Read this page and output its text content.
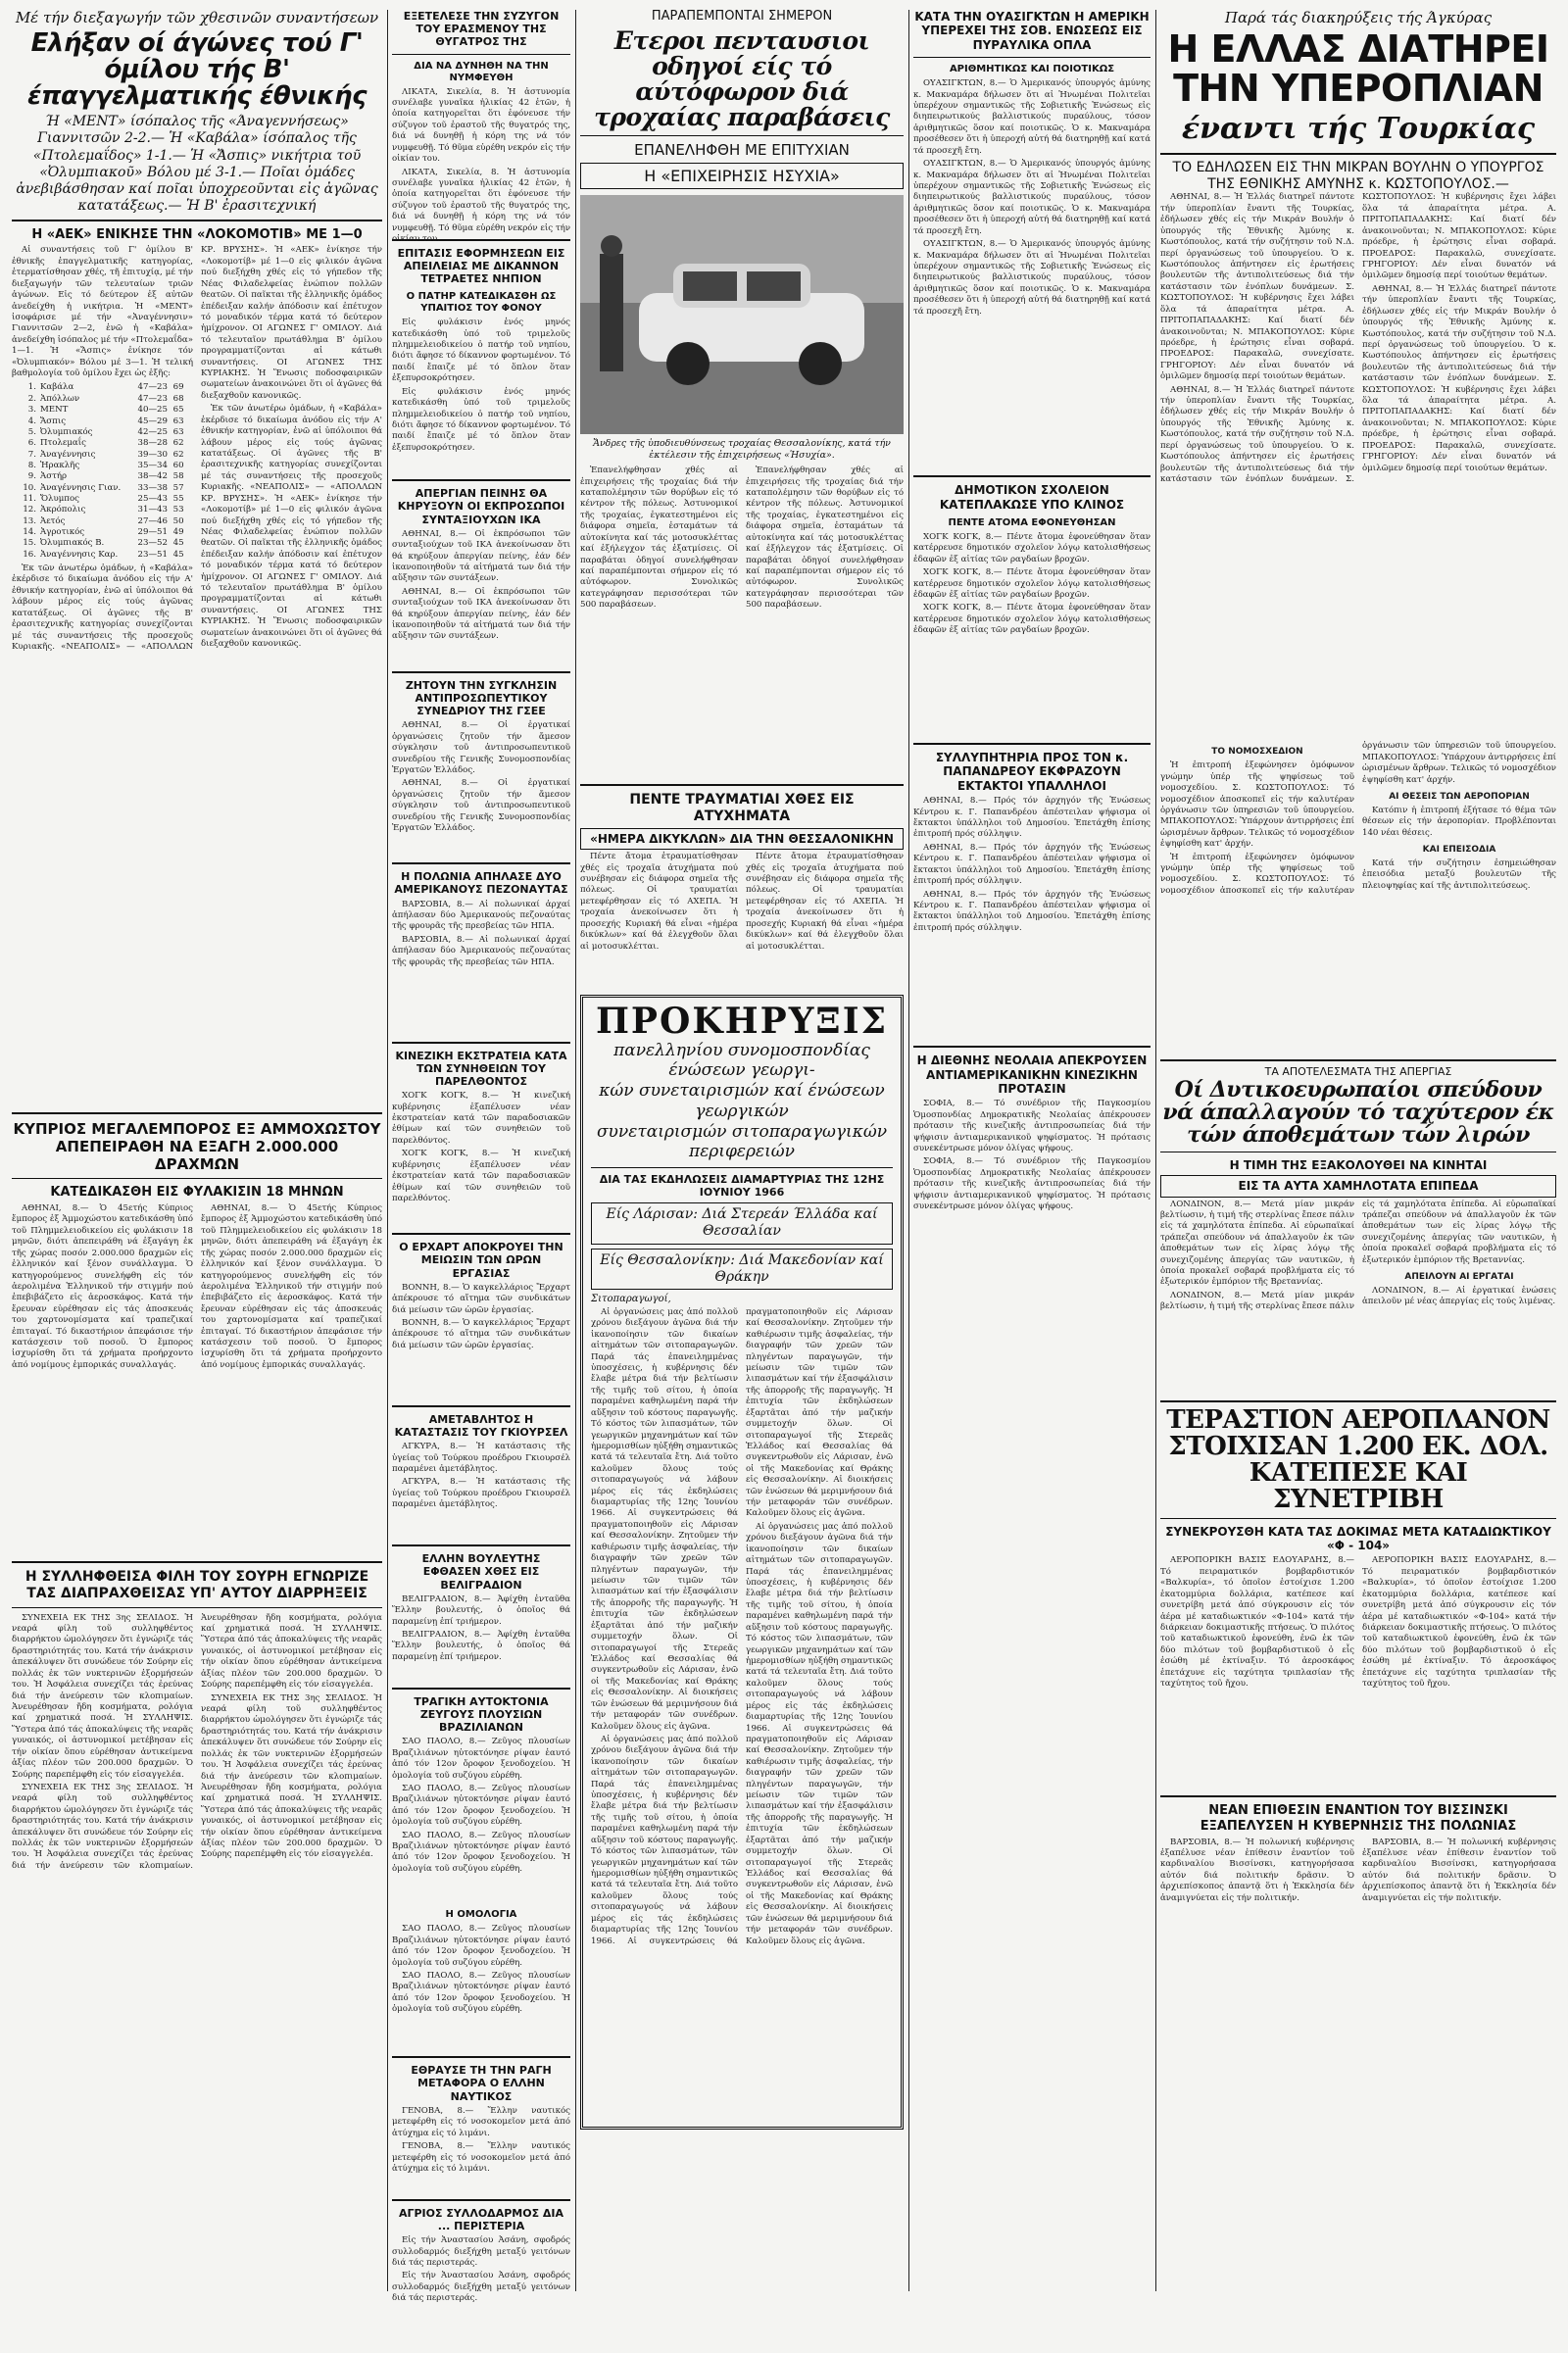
Μέ τήν διεξαγωγήν τῶν χθεσινῶν συναντήσεων
Ελήξαν οί άγώνες τού Γ' όμίλου τής Β' έπαγγελματικής έθνικής
Ή «ΜΕΝΤ» ίσόπαλος τῆς «Άναγεννήσεως» Γιαννιτσῶν 2-2.— Ἡ «Καβάλα» ίσόπαλος τῆς «Πτολεμαΐδος» 1-1.— Ἡ «Ἄσπις» νικήτρια τοῦ «Ὀλυμπιακοῦ» Βόλου μέ 3-1.— Ποῖαι ὁμάδες ἀνεβιβάσθησαν καί ποῖαι ὑποχρεοῦνται εἰς ἀγῶνας κατατάξεως.— Ἡ Β' ἐρασιτεχνική
Η «ΑΕΚ» ΕΝΙΚΗΣΕ ΤΗΝ «ΛΟΚΟΜΟΤΙΒ» ΜΕ 1—0

Αἱ συναντήσεις τοῦ Γ' ὁμίλου Β' ἐθνικῆς ἐπαγγελματικῆς κατηγορίας, ἐτερματίσθησαν χθές, τῆ ἐπιτυχίᾳ, μέ τήν διεξαγωγήν τῶν τελευταίων τριῶν ἀγώνων. Εἰς τό δεύτερον ἐξ αὐτῶν ἀνεδείχθη ἡ νικήτρια. Ἡ «ΜΕΝΤ» ἰσοφάρισε μέ τήν «Ἀναγέννησιν» Γιαννιτσῶν 2—2, ἐνῶ ἡ «Καβάλα» ἀνεδείχθη ἰσόπαλος μέ τήν «Πτολεμαΐδα» 1—1. Ἡ «Ἄσπις» ἐνίκησε τόν «Ὀλυμπιακόν» Βόλου μέ 3—1. Ἡ τελική βαθμολογία τοῦ ὁμίλου ἔχει ὡς ἑξῆς:

1.	Καβάλα	47—23	69
2.	Ἀπόλλων	47—23	68
3.	ΜΕΝΤ	40—25	65
4.	Ἄσπις	45—29	63
5.	Ὀλυμπιακός	42—25	63
6.	Πτολεμαΐς	38—28	62
7.	Ἀναγέννησις	39—30	62
8.	Ἡρακλῆς	35—34	60
9.	Ἀστήρ	38—42	58
10.	Ἀναγέννησις Γιαν.	33—38	57
11.	Ὄλυμπος	25—43	55
12.	Ἀκρόπολις	31—43	53
13.	Ἀετός	27—46	50
14.	Ἀγροτικός	29—51	49
15.	Ὀλυμπιακός Β.	23—52	45
16.	Ἀναγέννησις Καρ.	23—51	45

Ἐκ τῶν ἀνωτέρω ὁμάδων, ἡ «Καβάλα» ἐκέρδισε τό δικαίωμα ἀνόδου εἰς τήν Α' ἐθνικήν κατηγορίαν, ἐνῶ αἱ ὑπόλοιποι θά λάβουν μέρος εἰς τούς ἀγῶνας κατατάξεως. Οἱ ἀγῶνες τῆς Β' ἐρασιτεχνικῆς κατηγορίας συνεχίζονται μέ τάς συναντήσεις τῆς προσεχοῦς Κυριακῆς. «ΝΕΑΠΟΛΙΣ» — «ΑΠΟΛΛΩΝ ΚΡ. ΒΡΥΣΗΣ». Ἡ «ΑΕΚ» ἐνίκησε τήν «Λοκομοτίβ» μέ 1—0 εἰς φιλικόν ἀγῶνα πού διεξήχθη χθές εἰς τό γήπεδον τῆς Νέας Φιλαδελφείας ἐνώπιον πολλῶν θεατῶν. Οἱ παῖκται τῆς ἑλληνικῆς ὁμάδος ἐπέδειξαν καλήν ἀπόδοσιν καί ἐπέτυχον τό μοναδικόν τέρμα κατά τό δεύτερον ἡμίχρονον. ΟΙ ΑΓΩΝΕΣ Γ' ΟΜΙΛΟΥ. Διά τό τελευταῖον πρωτάθλημα Β' ὁμίλου προγραμματίζονται αἱ κάτωθι συναντήσεις. ΟΙ ΑΓΩΝΕΣ ΤΗΣ ΚΥΡΙΑΚΗΣ. Ἡ Ἕνωσις ποδοσφαιρικῶν σωματείων ἀνακοινώνει ὅτι οἱ ἀγῶνες θά διεξαχθοῦν κανονικῶς.

Ἐκ τῶν ἀνωτέρω ὁμάδων, ἡ «Καβάλα» ἐκέρδισε τό δικαίωμα ἀνόδου εἰς τήν Α' ἐθνικήν κατηγορίαν, ἐνῶ αἱ ὑπόλοιποι θά λάβουν μέρος εἰς τούς ἀγῶνας κατατάξεως. Οἱ ἀγῶνες τῆς Β' ἐρασιτεχνικῆς κατηγορίας συνεχίζονται μέ τάς συναντήσεις τῆς προσεχοῦς Κυριακῆς. «ΝΕΑΠΟΛΙΣ» — «ΑΠΟΛΛΩΝ ΚΡ. ΒΡΥΣΗΣ». Ἡ «ΑΕΚ» ἐνίκησε τήν «Λοκομοτίβ» μέ 1—0 εἰς φιλικόν ἀγῶνα πού διεξήχθη χθές εἰς τό γήπεδον τῆς Νέας Φιλαδελφείας ἐνώπιον πολλῶν θεατῶν. Οἱ παῖκται τῆς ἑλληνικῆς ὁμάδος ἐπέδειξαν καλήν ἀπόδοσιν καί ἐπέτυχον τό μοναδικόν τέρμα κατά τό δεύτερον ἡμίχρονον. ΟΙ ΑΓΩΝΕΣ Γ' ΟΜΙΛΟΥ. Διά τό τελευταῖον πρωτάθλημα Β' ὁμίλου προγραμματίζονται αἱ κάτωθι συναντήσεις. ΟΙ ΑΓΩΝΕΣ ΤΗΣ ΚΥΡΙΑΚΗΣ. Ἡ Ἕνωσις ποδοσφαιρικῶν σωματείων ἀνακοινώνει ὅτι οἱ ἀγῶνες θά διεξαχθοῦν κανονικῶς.

ΚΥΠΡΙΟΣ ΜΕΓΑΛΕΜΠΟΡΟΣ ΕΞ ΑΜΜΟΧΩΣΤΟΥ ΑΠΕΠΕΙΡΑΘΗ ΝΑ ΕΞΑΓΗ 2.000.000 ΔΡΑΧΜΩΝ
ΚΑΤΕΔΙΚΑΣΘΗ ΕΙΣ ΦΥΛΑΚΙΣΙΝ 18 ΜΗΝΩΝ

ΑΘΗΝΑΙ, 8.— Ὁ 45ετής Κύπριος ἔμπορος ἐξ Ἀμμοχώστου κατεδικάσθη ὑπό τοῦ Πλημμελειοδικείου εἰς φυλάκισιν 18 μηνῶν, διότι ἀπεπειράθη νά ἐξαγάγη ἐκ τῆς χώρας ποσόν 2.000.000 δραχμῶν εἰς ἑλληνικόν καί ξένον συνάλλαγμα. Ὁ κατηγορούμενος συνελήφθη εἰς τόν ἀερολιμένα Ἑλληνικοῦ τήν στιγμήν πού ἐπεβιβάζετο εἰς ἀεροσκάφος. Κατά τήν ἔρευναν εὑρέθησαν εἰς τάς ἀποσκευάς του χαρτονομίσματα καί τραπεζικαί ἐπιταγαί. Τό δικαστήριον ἀπεφάσισε τήν κατάσχεσιν τοῦ ποσοῦ. Ὁ ἔμπορος ἰσχυρίσθη ὅτι τά χρήματα προήρχοντο ἀπό νομίμους ἐμπορικάς συναλλαγάς.

ΑΘΗΝΑΙ, 8.— Ὁ 45ετής Κύπριος ἔμπορος ἐξ Ἀμμοχώστου κατεδικάσθη ὑπό τοῦ Πλημμελειοδικείου εἰς φυλάκισιν 18 μηνῶν, διότι ἀπεπειράθη νά ἐξαγάγη ἐκ τῆς χώρας ποσόν 2.000.000 δραχμῶν εἰς ἑλληνικόν καί ξένον συνάλλαγμα. Ὁ κατηγορούμενος συνελήφθη εἰς τόν ἀερολιμένα Ἑλληνικοῦ τήν στιγμήν πού ἐπεβιβάζετο εἰς ἀεροσκάφος. Κατά τήν ἔρευναν εὑρέθησαν εἰς τάς ἀποσκευάς του χαρτονομίσματα καί τραπεζικαί ἐπιταγαί. Τό δικαστήριον ἀπεφάσισε τήν κατάσχεσιν τοῦ ποσοῦ. Ὁ ἔμπορος ἰσχυρίσθη ὅτι τά χρήματα προήρχοντο ἀπό νομίμους ἐμπορικάς συναλλαγάς.

Η ΣΥΛΛΗΦΘΕΙΣΑ ΦΙΛΗ ΤΟΥ ΣΟΥΡΗ ΕΓΝΩΡΙΖΕ ΤΑΣ ΔΙΑΠΡΑΧΘΕΙΣΑΣ ΥΠ' ΑΥΤΟΥ ΔΙΑΡΡΗΞΕΙΣ

ΣΥΝΕΧΕΙΑ ΕΚ ΤΗΣ 3ης ΣΕΛΙΔΟΣ. Ἡ νεαρά φίλη τοῦ συλληφθέντος διαρρήκτου ὡμολόγησεν ὅτι ἐγνώριζε τάς δραστηριότητάς του. Κατά τήν ἀνάκρισιν ἀπεκάλυψεν ὅτι συνώδευε τόν Σούρην εἰς πολλάς ἐκ τῶν νυκτερινῶν ἐξορμήσεών του. Ἡ Ἀσφάλεια συνεχίζει τάς ἐρεύνας διά τήν ἀνεύρεσιν τῶν κλοπιμαίων. Ἀνευρέθησαν ἤδη κοσμήματα, ρολόγια καί χρηματικά ποσά. Ἡ ΣΥΛΛΗΨΙΣ. Ὕστερα ἀπό τάς ἀποκαλύψεις τῆς νεαρᾶς γυναικός, οἱ ἀστυνομικοί μετέβησαν εἰς τήν οἰκίαν ὅπου εὑρέθησαν ἀντικείμενα ἀξίας πλέον τῶν 200.000 δραχμῶν. Ὁ Σούρης παρεπέμφθη εἰς τόν εἰσαγγελέα.

ΣΥΝΕΧΕΙΑ ΕΚ ΤΗΣ 3ης ΣΕΛΙΔΟΣ. Ἡ νεαρά φίλη τοῦ συλληφθέντος διαρρήκτου ὡμολόγησεν ὅτι ἐγνώριζε τάς δραστηριότητάς του. Κατά τήν ἀνάκρισιν ἀπεκάλυψεν ὅτι συνώδευε τόν Σούρην εἰς πολλάς ἐκ τῶν νυκτερινῶν ἐξορμήσεών του. Ἡ Ἀσφάλεια συνεχίζει τάς ἐρεύνας διά τήν ἀνεύρεσιν τῶν κλοπιμαίων. Ἀνευρέθησαν ἤδη κοσμήματα, ρολόγια καί χρηματικά ποσά. Ἡ ΣΥΛΛΗΨΙΣ. Ὕστερα ἀπό τάς ἀποκαλύψεις τῆς νεαρᾶς γυναικός, οἱ ἀστυνομικοί μετέβησαν εἰς τήν οἰκίαν ὅπου εὑρέθησαν ἀντικείμενα ἀξίας πλέον τῶν 200.000 δραχμῶν. Ὁ Σούρης παρεπέμφθη εἰς τόν εἰσαγγελέα.

ΣΥΝΕΧΕΙΑ ΕΚ ΤΗΣ 3ης ΣΕΛΙΔΟΣ. Ἡ νεαρά φίλη τοῦ συλληφθέντος διαρρήκτου ὡμολόγησεν ὅτι ἐγνώριζε τάς δραστηριότητάς του. Κατά τήν ἀνάκρισιν ἀπεκάλυψεν ὅτι συνώδευε τόν Σούρην εἰς πολλάς ἐκ τῶν νυκτερινῶν ἐξορμήσεών του. Ἡ Ἀσφάλεια συνεχίζει τάς ἐρεύνας διά τήν ἀνεύρεσιν τῶν κλοπιμαίων. Ἀνευρέθησαν ἤδη κοσμήματα, ρολόγια καί χρηματικά ποσά. Ἡ ΣΥΛΛΗΨΙΣ. Ὕστερα ἀπό τάς ἀποκαλύψεις τῆς νεαρᾶς γυναικός, οἱ ἀστυνομικοί μετέβησαν εἰς τήν οἰκίαν ὅπου εὑρέθησαν ἀντικείμενα ἀξίας πλέον τῶν 200.000 δραχμῶν. Ὁ Σούρης παρεπέμφθη εἰς τόν εἰσαγγελέα.

ΕΞΕΤΕΛΕΣΕ ΤΗΝ ΣΥΖΥΓΟΝ ΤΟΥ ΕΡΑΣΜΕΝΟΥ ΤΗΣ ΘΥΓΑΤΡΟΣ ΤΗΣ
ΔΙΑ ΝΑ ΔΥΝΗΘΗ ΝΑ ΤΗΝ ΝΥΜΦΕΥΘΗ

ΛΙΚΑΤΑ, Σικελία, 8. Ἡ ἀστυνομία συνέλαβε γυναῖκα ἡλικίας 42 ἐτῶν, ἡ ὁποία κατηγορεῖται ὅτι ἐφόνευσε τήν σύζυγον τοῦ ἐραστοῦ τῆς θυγατρός της, διά νά δυνηθῇ ἡ κόρη της νά τόν νυμφευθῇ. Τό θῦμα εὑρέθη νεκρόν εἰς τήν οἰκίαν του.

ΛΙΚΑΤΑ, Σικελία, 8. Ἡ ἀστυνομία συνέλαβε γυναῖκα ἡλικίας 42 ἐτῶν, ἡ ὁποία κατηγορεῖται ὅτι ἐφόνευσε τήν σύζυγον τοῦ ἐραστοῦ τῆς θυγατρός της, διά νά δυνηθῇ ἡ κόρη της νά τόν νυμφευθῇ. Τό θῦμα εὑρέθη νεκρόν εἰς τήν οἰκίαν του.

ΕΠΙΤΑΣΙΣ ΕΦΟΡΜΗΣΕΩΝ ΕΙΣ ΑΠΕΙΛΕΙΑΣ ΜΕ ΔΙΚΑΝΝΟΝ ΤΕΤΡΑΕΤΕΣ ΝΗΠΙΟΝ
Ο ΠΑΤΗΡ ΚΑΤΕΔΙΚΑΣΘΗ ΩΣ ΥΠΑΙΤΙΟΣ ΤΟΥ ΦΟΝΟΥ

Εἰς φυλάκισιν ἑνός μηνός κατεδικάσθη ὑπό τοῦ τριμελοῦς πλημμελειοδικείου ὁ πατήρ τοῦ νηπίου, διότι ἄφησε τό δίκαννον φορτωμένον. Τό παιδί ἔπαιζε μέ τό ὅπλον ὅταν ἐξεπυρσοκρότησεν.

Εἰς φυλάκισιν ἑνός μηνός κατεδικάσθη ὑπό τοῦ τριμελοῦς πλημμελειοδικείου ὁ πατήρ τοῦ νηπίου, διότι ἄφησε τό δίκαννον φορτωμένον. Τό παιδί ἔπαιζε μέ τό ὅπλον ὅταν ἐξεπυρσοκρότησεν.

ΑΠΕΡΓΙΑΝ ΠΕΙΝΗΣ ΘΑ ΚΗΡΥΞΟΥΝ ΟΙ ΕΚΠΡΟΣΩΠΟΙ ΣΥΝΤΑΞΙΟΥΧΩΝ ΙΚΑ

ΑΘΗΝΑΙ, 8.— Οἱ ἐκπρόσωποι τῶν συνταξιούχων τοῦ ΙΚΑ ἀνεκοίνωσαν ὅτι θά κηρύξουν ἀπεργίαν πείνης, ἐάν δέν ἱκανοποιηθοῦν τά αἰτήματά των διά τήν αὔξησιν τῶν συντάξεων.

ΑΘΗΝΑΙ, 8.— Οἱ ἐκπρόσωποι τῶν συνταξιούχων τοῦ ΙΚΑ ἀνεκοίνωσαν ὅτι θά κηρύξουν ἀπεργίαν πείνης, ἐάν δέν ἱκανοποιηθοῦν τά αἰτήματά των διά τήν αὔξησιν τῶν συντάξεων.

ΖΗΤΟΥΝ ΤΗΝ ΣΥΓΚΛΗΣΙΝ ΑΝΤΙΠΡΟΣΩΠΕΥΤΙΚΟΥ ΣΥΝΕΔΡΙΟΥ ΤΗΣ ΓΣΕΕ

ΑΘΗΝΑΙ, 8.— Οἱ ἐργατικαί ὀργανώσεις ζητοῦν τήν ἄμεσον σύγκλησιν τοῦ ἀντιπροσωπευτικοῦ συνεδρίου τῆς Γενικῆς Συνομοσπονδίας Ἐργατῶν Ἑλλάδος.

ΑΘΗΝΑΙ, 8.— Οἱ ἐργατικαί ὀργανώσεις ζητοῦν τήν ἄμεσον σύγκλησιν τοῦ ἀντιπροσωπευτικοῦ συνεδρίου τῆς Γενικῆς Συνομοσπονδίας Ἐργατῶν Ἑλλάδος.

Η ΠΟΛΩΝΙΑ ΑΠΗΛΑΣΕ ΔΥΟ ΑΜΕΡΙΚΑΝΟΥΣ ΠΕΖΟΝΑΥΤΑΣ

ΒΑΡΣΟΒΙΑ, 8.— Αἱ πολωνικαί ἀρχαί ἀπήλασαν δύο Ἀμερικανούς πεζοναύτας τῆς φρουρᾶς τῆς πρεσβείας τῶν ΗΠΑ.

ΒΑΡΣΟΒΙΑ, 8.— Αἱ πολωνικαί ἀρχαί ἀπήλασαν δύο Ἀμερικανούς πεζοναύτας τῆς φρουρᾶς τῆς πρεσβείας τῶν ΗΠΑ.

ΚΙΝΕΖΙΚΗ ΕΚΣΤΡΑΤΕΙΑ ΚΑΤΑ ΤΩΝ ΣΥΝΗΘΕΙΩΝ ΤΟΥ ΠΑΡΕΛΘΟΝΤΟΣ

ΧΟΓΚ ΚΟΓΚ, 8.— Ἡ κινεζική κυβέρνησις ἐξαπέλυσεν νέαν ἐκστρατείαν κατά τῶν παραδοσιακῶν ἐθίμων καί τῶν συνηθειῶν τοῦ παρελθόντος.

ΧΟΓΚ ΚΟΓΚ, 8.— Ἡ κινεζική κυβέρνησις ἐξαπέλυσεν νέαν ἐκστρατείαν κατά τῶν παραδοσιακῶν ἐθίμων καί τῶν συνηθειῶν τοῦ παρελθόντος.

Ο ΕΡΧΑΡΤ ΑΠΟΚΡΟΥΕΙ ΤΗΝ ΜΕΙΩΣΙΝ ΤΩΝ ΩΡΩΝ ΕΡΓΑΣΙΑΣ

ΒΟΝΝΗ, 8.— Ὁ καγκελλάριος Ἔρχαρτ ἀπέκρουσε τό αἴτημα τῶν συνδικάτων διά μείωσιν τῶν ὡρῶν ἐργασίας.

ΒΟΝΝΗ, 8.— Ὁ καγκελλάριος Ἔρχαρτ ἀπέκρουσε τό αἴτημα τῶν συνδικάτων διά μείωσιν τῶν ὡρῶν ἐργασίας.

ΑΜΕΤΑΒΛΗΤΟΣ Η ΚΑΤΑΣΤΑΣΙΣ ΤΟΥ ΓΚΙΟΥΡΣΕΛ

ΑΓΚΥΡΑ, 8.— Ἡ κατάστασις τῆς ὑγείας τοῦ Τούρκου προέδρου Γκιουρσέλ παραμένει ἀμετάβλητος.

ΑΓΚΥΡΑ, 8.— Ἡ κατάστασις τῆς ὑγείας τοῦ Τούρκου προέδρου Γκιουρσέλ παραμένει ἀμετάβλητος.

ΕΛΛΗΝ ΒΟΥΛΕΥΤΗΣ ΕΦΘΑΣΕΝ ΧΘΕΣ ΕΙΣ ΒΕΛΙΓΡΑΔΙΟΝ

ΒΕΛΙΓΡΑΔΙΟΝ, 8.— Ἀφίχθη ἐνταῦθα Ἕλλην βουλευτής, ὁ ὁποῖος θά παραμείνῃ ἐπί τριήμερον.

ΒΕΛΙΓΡΑΔΙΟΝ, 8.— Ἀφίχθη ἐνταῦθα Ἕλλην βουλευτής, ὁ ὁποῖος θά παραμείνῃ ἐπί τριήμερον.

ΤΡΑΓΙΚΗ ΑΥΤΟΚΤΟΝΙΑ ΖΕΥΓΟΥΣ ΠΛΟΥΣΙΩΝ ΒΡΑΖΙΛΙΑΝΩΝ

ΣΑΟ ΠΑΟΛΟ, 8.— Ζεῦγος πλουσίων Βραζιλιάνων ηὐτοκτόνησε ρίψαν ἑαυτό ἀπό τόν 12ον ὄροφον ξενοδοχείου. Ἡ ὁμολογία τοῦ συζύγου εὑρέθη.

ΣΑΟ ΠΑΟΛΟ, 8.— Ζεῦγος πλουσίων Βραζιλιάνων ηὐτοκτόνησε ρίψαν ἑαυτό ἀπό τόν 12ον ὄροφον ξενοδοχείου. Ἡ ὁμολογία τοῦ συζύγου εὑρέθη.

ΣΑΟ ΠΑΟΛΟ, 8.— Ζεῦγος πλουσίων Βραζιλιάνων ηὐτοκτόνησε ρίψαν ἑαυτό ἀπό τόν 12ον ὄροφον ξενοδοχείου. Ἡ ὁμολογία τοῦ συζύγου εὑρέθη.

Η ΟΜΟΛΟΓΙΑ

ΣΑΟ ΠΑΟΛΟ, 8.— Ζεῦγος πλουσίων Βραζιλιάνων ηὐτοκτόνησε ρίψαν ἑαυτό ἀπό τόν 12ον ὄροφον ξενοδοχείου. Ἡ ὁμολογία τοῦ συζύγου εὑρέθη.

ΣΑΟ ΠΑΟΛΟ, 8.— Ζεῦγος πλουσίων Βραζιλιάνων ηὐτοκτόνησε ρίψαν ἑαυτό ἀπό τόν 12ον ὄροφον ξενοδοχείου. Ἡ ὁμολογία τοῦ συζύγου εὑρέθη.

ΕΘΡΑΥΣΕ ΤΗ ΤΗΝ ΡΑΓΗ ΜΕΤΑΦΟΡΑ Ο ΕΛΛΗΝ ΝΑΥΤΙΚΟΣ

ΓΕΝΟΒΑ, 8.— Ἕλλην ναυτικός μετεφέρθη εἰς τό νοσοκομεῖον μετά ἀπό ἀτύχημα εἰς τό λιμάνι.

ΓΕΝΟΒΑ, 8.— Ἕλλην ναυτικός μετεφέρθη εἰς τό νοσοκομεῖον μετά ἀπό ἀτύχημα εἰς τό λιμάνι.

ΑΓΡΙΟΣ ΣΥΛΛΟΔΑΡΜΟΣ ΔΙΑ ... ΠΕΡΙΣΤΕΡΙΑ

Εἰς τήν Ἀναστασίου Ἀσάνη, σφοδρός συλλοδαρμός διεξήχθη μεταξύ γειτόνων διά τάς περιστεράς.

Εἰς τήν Ἀναστασίου Ἀσάνη, σφοδρός συλλοδαρμός διεξήχθη μεταξύ γειτόνων διά τάς περιστεράς.

ΠΑΡΑΠΕΜΠΟΝΤΑΙ ΣΗΜΕΡΟΝ
Ετεροι πενταυσιοι οδηγοί είς τό αύτόφωρον διά τροχαίας παραβάσεις
ΕΠΑΝΕΛΗΦΘΗ ΜΕ ΕΠΙΤΥΧΙΑΝ
Η «ΕΠΙΧΕΙΡΗΣΙΣ ΗΣΥΧΙΑ»
Ἄνδρες τῆς ὑποδιευθύνσεως τροχαίας Θεσσαλονίκης, κατά τήν ἐκτέλεσιν τῆς ἐπιχειρήσεως «Ἡσυχία».

Ἐπανελήφθησαν χθές αἱ ἐπιχειρήσεις τῆς τροχαίας διά τήν καταπολέμησιν τῶν θορύβων εἰς τό κέντρον τῆς πόλεως. Ἀστυνομικοί τῆς τροχαίας, ἐγκατεστημένοι εἰς διάφορα σημεῖα, ἐσταμάτων τά αὐτοκίνητα καί τάς μοτοσυκλέττας καί ἐξήλεγχον τάς ἐξατμίσεις. Οἱ παραβάται ὁδηγοί συνελήφθησαν καί παραπέμπονται σήμερον εἰς τό αὐτόφωρον. Συνολικῶς κατεγράφησαν περισσότεραι τῶν 500 παραβάσεων.

Ἐπανελήφθησαν χθές αἱ ἐπιχειρήσεις τῆς τροχαίας διά τήν καταπολέμησιν τῶν θορύβων εἰς τό κέντρον τῆς πόλεως. Ἀστυνομικοί τῆς τροχαίας, ἐγκατεστημένοι εἰς διάφορα σημεῖα, ἐσταμάτων τά αὐτοκίνητα καί τάς μοτοσυκλέττας καί ἐξήλεγχον τάς ἐξατμίσεις. Οἱ παραβάται ὁδηγοί συνελήφθησαν καί παραπέμπονται σήμερον εἰς τό αὐτόφωρον. Συνολικῶς κατεγράφησαν περισσότεραι τῶν 500 παραβάσεων.

ΠΕΝΤΕ ΤΡΑΥΜΑΤΙΑΙ ΧΘΕΣ ΕΙΣ ΑΤΥΧΗΜΑΤΑ
«ΗΜΕΡΑ ΔΙΚΥΚΛΩΝ» ΔΙΑ ΤΗΝ ΘΕΣΣΑΛΟΝΙΚΗΝ

Πέντε ἄτομα ἐτραυματίσθησαν χθές εἰς τροχαῖα ἀτυχήματα πού συνέβησαν εἰς διάφορα σημεῖα τῆς πόλεως. Οἱ τραυματίαι μετεφέρθησαν εἰς τό ΑΧΕΠΑ. Ἡ τροχαία ἀνεκοίνωσεν ὅτι ἡ προσεχής Κυριακή θά εἶναι «ἡμέρα δικύκλων» καί θά ἐλεγχθοῦν ὅλαι αἱ μοτοσυκλέτται.

Πέντε ἄτομα ἐτραυματίσθησαν χθές εἰς τροχαῖα ἀτυχήματα πού συνέβησαν εἰς διάφορα σημεῖα τῆς πόλεως. Οἱ τραυματίαι μετεφέρθησαν εἰς τό ΑΧΕΠΑ. Ἡ τροχαία ἀνεκοίνωσεν ὅτι ἡ προσεχής Κυριακή θά εἶναι «ἡμέρα δικύκλων» καί θά ἐλεγχθοῦν ὅλαι αἱ μοτοσυκλέτται.

ΠΡΟΚΗΡΥΞΙΣ
πανελληνίου συνομοσπονδίας ένώσεων γεωργι-
κών συνεταιρισμών καί ένώσεων γεωργικών
συνεταιρισμών σιτοπαραγωγικών περιφερειών
ΔΙΑ ΤΑΣ ΕΚΔΗΛΩΣΕΙΣ ΔΙΑΜΑΡΤΥΡΙΑΣ ΤΗΣ 12ΗΣ ΙΟΥΝΙΟΥ 1966
Είς Λάρισαν: Διά Στερεάν Έλλάδα καί Θεσσαλίαν
Είς Θεσσαλονίκην: Διά Μακεδονίαν καί Θράκην
Σιτοπαραγωγοί,

Αἱ ὀργανώσεις μας ἀπό πολλοῦ χρόνου διεξάγουν ἀγῶνα διά τήν ἱκανοποίησιν τῶν δικαίων αἰτημάτων τῶν σιτοπαραγωγῶν. Παρά τάς ἐπανειλημμένας ὑποσχέσεις, ἡ κυβέρνησις δέν ἔλαβε μέτρα διά τήν βελτίωσιν τῆς τιμῆς τοῦ σίτου, ἡ ὁποία παραμένει καθηλωμένη παρά τήν αὔξησιν τοῦ κόστους παραγωγῆς. Τό κόστος τῶν λιπασμάτων, τῶν γεωργικῶν μηχανημάτων καί τῶν ἡμερομισθίων ηὐξήθη σημαντικῶς κατά τά τελευταῖα ἔτη. Διά τοῦτο καλοῦμεν ὅλους τούς σιτοπαραγωγούς νά λάβουν μέρος εἰς τάς ἐκδηλώσεις διαμαρτυρίας τῆς 12ης Ἰουνίου 1966. Αἱ συγκεντρώσεις θά πραγματοποιηθοῦν εἰς Λάρισαν καί Θεσσαλονίκην. Ζητοῦμεν τήν καθιέρωσιν τιμῆς ἀσφαλείας, τήν διαγραφήν τῶν χρεῶν τῶν πληγέντων παραγωγῶν, τήν μείωσιν τῶν τιμῶν τῶν λιπασμάτων καί τήν ἐξασφάλισιν τῆς ἀπορροῆς τῆς παραγωγῆς. Ἡ ἐπιτυχία τῶν ἐκδηλώσεων ἐξαρτᾶται ἀπό τήν μαζικήν συμμετοχήν ὅλων. Οἱ σιτοπαραγωγοί τῆς Στερεᾶς Ἑλλάδος καί Θεσσαλίας θά συγκεντρωθοῦν εἰς Λάρισαν, ἐνῶ οἱ τῆς Μακεδονίας καί Θράκης εἰς Θεσσαλονίκην. Αἱ διοικήσεις τῶν ἑνώσεων θά μεριμνήσουν διά τήν μεταφοράν τῶν συνέδρων. Καλοῦμεν ὅλους εἰς ἀγῶνα.

Αἱ ὀργανώσεις μας ἀπό πολλοῦ χρόνου διεξάγουν ἀγῶνα διά τήν ἱκανοποίησιν τῶν δικαίων αἰτημάτων τῶν σιτοπαραγωγῶν. Παρά τάς ἐπανειλημμένας ὑποσχέσεις, ἡ κυβέρνησις δέν ἔλαβε μέτρα διά τήν βελτίωσιν τῆς τιμῆς τοῦ σίτου, ἡ ὁποία παραμένει καθηλωμένη παρά τήν αὔξησιν τοῦ κόστους παραγωγῆς. Τό κόστος τῶν λιπασμάτων, τῶν γεωργικῶν μηχανημάτων καί τῶν ἡμερομισθίων ηὐξήθη σημαντικῶς κατά τά τελευταῖα ἔτη. Διά τοῦτο καλοῦμεν ὅλους τούς σιτοπαραγωγούς νά λάβουν μέρος εἰς τάς ἐκδηλώσεις διαμαρτυρίας τῆς 12ης Ἰουνίου 1966. Αἱ συγκεντρώσεις θά πραγματοποιηθοῦν εἰς Λάρισαν καί Θεσσαλονίκην. Ζητοῦμεν τήν καθιέρωσιν τιμῆς ἀσφαλείας, τήν διαγραφήν τῶν χρεῶν τῶν πληγέντων παραγωγῶν, τήν μείωσιν τῶν τιμῶν τῶν λιπασμάτων καί τήν ἐξασφάλισιν τῆς ἀπορροῆς τῆς παραγωγῆς. Ἡ ἐπιτυχία τῶν ἐκδηλώσεων ἐξαρτᾶται ἀπό τήν μαζικήν συμμετοχήν ὅλων. Οἱ σιτοπαραγωγοί τῆς Στερεᾶς Ἑλλάδος καί Θεσσαλίας θά συγκεντρωθοῦν εἰς Λάρισαν, ἐνῶ οἱ τῆς Μακεδονίας καί Θράκης εἰς Θεσσαλονίκην. Αἱ διοικήσεις τῶν ἑνώσεων θά μεριμνήσουν διά τήν μεταφοράν τῶν συνέδρων. Καλοῦμεν ὅλους εἰς ἀγῶνα.

Αἱ ὀργανώσεις μας ἀπό πολλοῦ χρόνου διεξάγουν ἀγῶνα διά τήν ἱκανοποίησιν τῶν δικαίων αἰτημάτων τῶν σιτοπαραγωγῶν. Παρά τάς ἐπανειλημμένας ὑποσχέσεις, ἡ κυβέρνησις δέν ἔλαβε μέτρα διά τήν βελτίωσιν τῆς τιμῆς τοῦ σίτου, ἡ ὁποία παραμένει καθηλωμένη παρά τήν αὔξησιν τοῦ κόστους παραγωγῆς. Τό κόστος τῶν λιπασμάτων, τῶν γεωργικῶν μηχανημάτων καί τῶν ἡμερομισθίων ηὐξήθη σημαντικῶς κατά τά τελευταῖα ἔτη. Διά τοῦτο καλοῦμεν ὅλους τούς σιτοπαραγωγούς νά λάβουν μέρος εἰς τάς ἐκδηλώσεις διαμαρτυρίας τῆς 12ης Ἰουνίου 1966. Αἱ συγκεντρώσεις θά πραγματοποιηθοῦν εἰς Λάρισαν καί Θεσσαλονίκην. Ζητοῦμεν τήν καθιέρωσιν τιμῆς ἀσφαλείας, τήν διαγραφήν τῶν χρεῶν τῶν πληγέντων παραγωγῶν, τήν μείωσιν τῶν τιμῶν τῶν λιπασμάτων καί τήν ἐξασφάλισιν τῆς ἀπορροῆς τῆς παραγωγῆς. Ἡ ἐπιτυχία τῶν ἐκδηλώσεων ἐξαρτᾶται ἀπό τήν μαζικήν συμμετοχήν ὅλων. Οἱ σιτοπαραγωγοί τῆς Στερεᾶς Ἑλλάδος καί Θεσσαλίας θά συγκεντρωθοῦν εἰς Λάρισαν, ἐνῶ οἱ τῆς Μακεδονίας καί Θράκης εἰς Θεσσαλονίκην. Αἱ διοικήσεις τῶν ἑνώσεων θά μεριμνήσουν διά τήν μεταφοράν τῶν συνέδρων. Καλοῦμεν ὅλους εἰς ἀγῶνα.

ΚΑΤΑ ΤΗΝ ΟΥΑΣΙΓΚΤΩΝ Η ΑΜΕΡΙΚΗ ΥΠΕΡΕΧΕΙ ΤΗΣ ΣΟΒ. ΕΝΩΣΕΩΣ ΕΙΣ ΠΥΡΑΥΛΙΚΑ ΟΠΛΑ
ΑΡΙΘΜΗΤΙΚΩΣ ΚΑΙ ΠΟΙΟΤΙΚΩΣ

ΟΥΑΣΙΓΚΤΩΝ, 8.— Ὁ Ἀμερικανός ὑπουργός ἀμύνης κ. Μακναμάρα δήλωσεν ὅτι αἱ Ἡνωμέναι Πολιτεῖαι ὑπερέχουν σημαντικῶς τῆς Σοβιετικῆς Ἑνώσεως εἰς διηπειρωτικούς βαλλιστικούς πυραύλους, τόσον ἀριθμητικῶς ὅσον καί ποιοτικῶς. Ὁ κ. Μακναμάρα προσέθεσεν ὅτι ἡ ὑπεροχή αὐτή θά διατηρηθῇ καί κατά τά προσεχῆ ἔτη.

ΟΥΑΣΙΓΚΤΩΝ, 8.— Ὁ Ἀμερικανός ὑπουργός ἀμύνης κ. Μακναμάρα δήλωσεν ὅτι αἱ Ἡνωμέναι Πολιτεῖαι ὑπερέχουν σημαντικῶς τῆς Σοβιετικῆς Ἑνώσεως εἰς διηπειρωτικούς βαλλιστικούς πυραύλους, τόσον ἀριθμητικῶς ὅσον καί ποιοτικῶς. Ὁ κ. Μακναμάρα προσέθεσεν ὅτι ἡ ὑπεροχή αὐτή θά διατηρηθῇ καί κατά τά προσεχῆ ἔτη.

ΟΥΑΣΙΓΚΤΩΝ, 8.— Ὁ Ἀμερικανός ὑπουργός ἀμύνης κ. Μακναμάρα δήλωσεν ὅτι αἱ Ἡνωμέναι Πολιτεῖαι ὑπερέχουν σημαντικῶς τῆς Σοβιετικῆς Ἑνώσεως εἰς διηπειρωτικούς βαλλιστικούς πυραύλους, τόσον ἀριθμητικῶς ὅσον καί ποιοτικῶς. Ὁ κ. Μακναμάρα προσέθεσεν ὅτι ἡ ὑπεροχή αὐτή θά διατηρηθῇ καί κατά τά προσεχῆ ἔτη.

ΔΗΜΟΤΙΚΟΝ ΣΧΟΛΕΙΟΝ ΚΑΤΕΠΛΑΚΩΣΕ ΥΠΟ ΚΛΙΝΟΣ
ΠΕΝΤΕ ΑΤΟΜΑ ΕΦΟΝΕΥΘΗΣΑΝ

ΧΟΓΚ ΚΟΓΚ, 8.— Πέντε ἄτομα ἐφονεύθησαν ὅταν κατέρρευσε δημοτικόν σχολεῖον λόγῳ κατολισθήσεως ἐδαφῶν ἐξ αἰτίας τῶν ραγδαίων βροχῶν.

ΧΟΓΚ ΚΟΓΚ, 8.— Πέντε ἄτομα ἐφονεύθησαν ὅταν κατέρρευσε δημοτικόν σχολεῖον λόγῳ κατολισθήσεως ἐδαφῶν ἐξ αἰτίας τῶν ραγδαίων βροχῶν.

ΧΟΓΚ ΚΟΓΚ, 8.— Πέντε ἄτομα ἐφονεύθησαν ὅταν κατέρρευσε δημοτικόν σχολεῖον λόγῳ κατολισθήσεως ἐδαφῶν ἐξ αἰτίας τῶν ραγδαίων βροχῶν.

ΣΥΛΛΥΠΗΤΗΡΙΑ ΠΡΟΣ ΤΟΝ κ. ΠΑΠΑΝΔΡΕΟΥ ΕΚΦΡΑΖΟΥΝ ΕΚΤΑΚΤΟΙ ΥΠΑΛΛΗΛΟΙ

ΑΘΗΝΑΙ, 8.— Πρός τόν ἀρχηγόν τῆς Ἑνώσεως Κέντρου κ. Γ. Παπανδρέου ἀπέστειλαν ψήφισμα οἱ ἔκτακτοι ὑπάλληλοι τοῦ Δημοσίου. Ἐπετάχθη ἐπίσης ἐπιτροπή πρός σύλληψιν.

ΑΘΗΝΑΙ, 8.— Πρός τόν ἀρχηγόν τῆς Ἑνώσεως Κέντρου κ. Γ. Παπανδρέου ἀπέστειλαν ψήφισμα οἱ ἔκτακτοι ὑπάλληλοι τοῦ Δημοσίου. Ἐπετάχθη ἐπίσης ἐπιτροπή πρός σύλληψιν.

ΑΘΗΝΑΙ, 8.— Πρός τόν ἀρχηγόν τῆς Ἑνώσεως Κέντρου κ. Γ. Παπανδρέου ἀπέστειλαν ψήφισμα οἱ ἔκτακτοι ὑπάλληλοι τοῦ Δημοσίου. Ἐπετάχθη ἐπίσης ἐπιτροπή πρός σύλληψιν.

Η ΔΙΕΘΝΗΣ ΝΕΟΛΑΙΑ ΑΠΕΚΡΟΥΣΕΝ ΑΝΤΙΑΜΕΡΙΚΑΝΙΚΗΝ ΚΙΝΕΖΙΚΗΝ ΠΡΟΤΑΣΙΝ

ΣΟΦΙΑ, 8.— Τό συνέδριον τῆς Παγκοσμίου Ὁμοσπονδίας Δημοκρατικῆς Νεολαίας ἀπέκρουσεν πρότασιν τῆς κινεζικῆς ἀντιπροσωπείας διά τήν ψήφισιν ἀντιαμερικανικοῦ ψηφίσματος. Ἡ πρότασις συνεκέντρωσε μόνον ὀλίγας ψήφους.

ΣΟΦΙΑ, 8.— Τό συνέδριον τῆς Παγκοσμίου Ὁμοσπονδίας Δημοκρατικῆς Νεολαίας ἀπέκρουσεν πρότασιν τῆς κινεζικῆς ἀντιπροσωπείας διά τήν ψήφισιν ἀντιαμερικανικοῦ ψηφίσματος. Ἡ πρότασις συνεκέντρωσε μόνον ὀλίγας ψήφους.

Παρά τάς διακηρύξεις τής Άγκύρας
Η ΕΛΛΑΣ ΔΙΑΤΗΡΕΙ ΤΗΝ ΥΠΕΡΟΠΛΙΑΝ
έναντι τής Τουρκίας
ΤΟ ΕΔΗΛΩΣΕΝ ΕΙΣ ΤΗΝ ΜΙΚΡΑΝ ΒΟΥΛΗΝ Ο ΥΠΟΥΡΓΟΣ ΤΗΣ ΕΘΝΙΚΗΣ ΑΜΥΝΗΣ κ. ΚΩΣΤΟΠΟΥΛΟΣ.—

ΑΘΗΝΑΙ, 8.— Ἡ Ἑλλάς διατηρεῖ πάντοτε τήν ὑπεροπλίαν ἔναντι τῆς Τουρκίας, ἐδήλωσεν χθές εἰς τήν Μικράν Βουλήν ὁ ὑπουργός τῆς Ἐθνικῆς Ἀμύνης κ. Κωστόπουλος, κατά τήν συζήτησιν τοῦ Ν.Δ. περί ὀργανώσεως τοῦ ὑπουργείου. Ὁ κ. Κωστόπουλος ἀπήντησεν εἰς ἐρωτήσεις βουλευτῶν τῆς ἀντιπολιτεύσεως διά τήν κατάστασιν τῶν ἐνόπλων δυνάμεων. Σ. ΚΩΣΤΟΠΟΥΛΟΣ: Ἡ κυβέρνησις ἔχει λάβει ὅλα τά ἀπαραίτητα μέτρα. Α. ΠΡΙΤΟΠΑΠΑΔΑΚΗΣ: Καί διατί δέν ἀνακοινοῦνται; Ν. ΜΠΑΚΟΠΟΥΛΟΣ: Κύριε πρόεδρε, ἡ ἐρώτησις εἶναι σοβαρά. ΠΡΟΕΔΡΟΣ: Παρακαλῶ, συνεχίσατε. ΓΡΗΓΟΡΙΟΥ: Δέν εἶναι δυνατόν νά ὁμιλῶμεν δημοσίᾳ περί τοιούτων θεμάτων.

ΑΘΗΝΑΙ, 8.— Ἡ Ἑλλάς διατηρεῖ πάντοτε τήν ὑπεροπλίαν ἔναντι τῆς Τουρκίας, ἐδήλωσεν χθές εἰς τήν Μικράν Βουλήν ὁ ὑπουργός τῆς Ἐθνικῆς Ἀμύνης κ. Κωστόπουλος, κατά τήν συζήτησιν τοῦ Ν.Δ. περί ὀργανώσεως τοῦ ὑπουργείου. Ὁ κ. Κωστόπουλος ἀπήντησεν εἰς ἐρωτήσεις βουλευτῶν τῆς ἀντιπολιτεύσεως διά τήν κατάστασιν τῶν ἐνόπλων δυνάμεων. Σ. ΚΩΣΤΟΠΟΥΛΟΣ: Ἡ κυβέρνησις ἔχει λάβει ὅλα τά ἀπαραίτητα μέτρα. Α. ΠΡΙΤΟΠΑΠΑΔΑΚΗΣ: Καί διατί δέν ἀνακοινοῦνται; Ν. ΜΠΑΚΟΠΟΥΛΟΣ: Κύριε πρόεδρε, ἡ ἐρώτησις εἶναι σοβαρά. ΠΡΟΕΔΡΟΣ: Παρακαλῶ, συνεχίσατε. ΓΡΗΓΟΡΙΟΥ: Δέν εἶναι δυνατόν νά ὁμιλῶμεν δημοσίᾳ περί τοιούτων θεμάτων.

ΑΘΗΝΑΙ, 8.— Ἡ Ἑλλάς διατηρεῖ πάντοτε τήν ὑπεροπλίαν ἔναντι τῆς Τουρκίας, ἐδήλωσεν χθές εἰς τήν Μικράν Βουλήν ὁ ὑπουργός τῆς Ἐθνικῆς Ἀμύνης κ. Κωστόπουλος, κατά τήν συζήτησιν τοῦ Ν.Δ. περί ὀργανώσεως τοῦ ὑπουργείου. Ὁ κ. Κωστόπουλος ἀπήντησεν εἰς ἐρωτήσεις βουλευτῶν τῆς ἀντιπολιτεύσεως διά τήν κατάστασιν τῶν ἐνόπλων δυνάμεων. Σ. ΚΩΣΤΟΠΟΥΛΟΣ: Ἡ κυβέρνησις ἔχει λάβει ὅλα τά ἀπαραίτητα μέτρα. Α. ΠΡΙΤΟΠΑΠΑΔΑΚΗΣ: Καί διατί δέν ἀνακοινοῦνται; Ν. ΜΠΑΚΟΠΟΥΛΟΣ: Κύριε πρόεδρε, ἡ ἐρώτησις εἶναι σοβαρά. ΠΡΟΕΔΡΟΣ: Παρακαλῶ, συνεχίσατε. ΓΡΗΓΟΡΙΟΥ: Δέν εἶναι δυνατόν νά ὁμιλῶμεν δημοσίᾳ περί τοιούτων θεμάτων.

ΤΟ ΝΟΜΟΣΧΕΔΙΟΝ

Ἡ ἐπιτροπή ἐξεφώνησεν ὁμόφωνον γνώμην ὑπέρ τῆς ψηφίσεως τοῦ νομοσχεδίου. Σ. ΚΩΣΤΟΠΟΥΛΟΣ: Τό νομοσχέδιον ἀποσκοπεῖ εἰς τήν καλυτέραν ὀργάνωσιν τῶν ὑπηρεσιῶν τοῦ ὑπουργείου. ΜΠΑΚΟΠΟΥΛΟΣ: Ὑπάρχουν ἀντιρρήσεις ἐπί ὡρισμένων ἄρθρων. Τελικῶς τό νομοσχέδιον ἐψηφίσθη κατ' ἀρχήν.

Ἡ ἐπιτροπή ἐξεφώνησεν ὁμόφωνον γνώμην ὑπέρ τῆς ψηφίσεως τοῦ νομοσχεδίου. Σ. ΚΩΣΤΟΠΟΥΛΟΣ: Τό νομοσχέδιον ἀποσκοπεῖ εἰς τήν καλυτέραν ὀργάνωσιν τῶν ὑπηρεσιῶν τοῦ ὑπουργείου. ΜΠΑΚΟΠΟΥΛΟΣ: Ὑπάρχουν ἀντιρρήσεις ἐπί ὡρισμένων ἄρθρων. Τελικῶς τό νομοσχέδιον ἐψηφίσθη κατ' ἀρχήν.

ΑΙ ΘΕΣΕΙΣ ΤΩΝ ΑΕΡΟΠΟΡΙΑΝ

Κατόπιν ἡ ἐπιτροπή ἐξήτασε τό θέμα τῶν θέσεων εἰς τήν ἀεροπορίαν. Προβλέπονται 140 νέαι θέσεις.

ΚΑΙ ΕΠΕΙΣΟΔΙΑ

Κατά τήν συζήτησιν ἐσημειώθησαν ἐπεισόδια μεταξύ βουλευτῶν τῆς πλειοψηφίας καί τῆς ἀντιπολιτεύσεως.

ΤΑ ΑΠΟΤΕΛΕΣΜΑΤΑ ΤΗΣ ΑΠΕΡΓΙΑΣ
Οί Δυτικοευρωπαίοι σπεύδουν νά άπαλλαγούν τό ταχύτερον έκ τών άποθεμάτων τών λιρών
Η ΤΙΜΗ ΤΗΣ ΕΞΑΚΟΛΟΥΘΕΙ ΝΑ ΚΙΝΗΤΑΙ
ΕΙΣ ΤΑ ΑΥΤΑ ΧΑΜΗΛΟΤΑΤΑ ΕΠΙΠΕΔΑ

ΛΟΝΔΙΝΟΝ, 8.— Μετά μίαν μικράν βελτίωσιν, ἡ τιμή τῆς στερλίνας ἔπεσε πάλιν εἰς τά χαμηλότατα ἐπίπεδα. Αἱ εὐρωπαϊκαί τράπεζαι σπεύδουν νά ἀπαλλαγοῦν ἐκ τῶν ἀποθεμάτων των εἰς λίρας λόγῳ τῆς συνεχιζομένης ἀπεργίας τῶν ναυτικῶν, ἡ ὁποία προκαλεῖ σοβαρά προβλήματα εἰς τό ἐξωτερικόν ἐμπόριον τῆς Βρεταννίας.

ΛΟΝΔΙΝΟΝ, 8.— Μετά μίαν μικράν βελτίωσιν, ἡ τιμή τῆς στερλίνας ἔπεσε πάλιν εἰς τά χαμηλότατα ἐπίπεδα. Αἱ εὐρωπαϊκαί τράπεζαι σπεύδουν νά ἀπαλλαγοῦν ἐκ τῶν ἀποθεμάτων των εἰς λίρας λόγῳ τῆς συνεχιζομένης ἀπεργίας τῶν ναυτικῶν, ἡ ὁποία προκαλεῖ σοβαρά προβλήματα εἰς τό ἐξωτερικόν ἐμπόριον τῆς Βρεταννίας.

ΑΠΕΙΛΟΥΝ ΑΙ ΕΡΓΑΤΑΙ

ΛΟΝΔΙΝΟΝ, 8.— Αἱ ἐργατικαί ἑνώσεις ἀπειλοῦν μέ νέας ἀπεργίας εἰς τούς λιμένας.

ΤΕΡΑΣΤΙΟΝ ΑΕΡΟΠΛΑΝΟΝ ΣΤΟΙΧΙΣΑΝ 1.200 ΕΚ. ΔΟΛ. ΚΑΤΕΠΕΣΕ ΚΑΙ ΣΥΝΕΤΡΙΒΗ
ΣΥΝΕΚΡΟΥΣΘΗ ΚΑΤΑ ΤΑΣ ΔΟΚΙΜΑΣ ΜΕΤΑ ΚΑΤΑΔΙΩΚΤΙΚΟΥ «Φ - 104»

ΑΕΡΟΠΟΡΙΚΗ ΒΑΣΙΣ ΕΔΟΥΑΡΔΗΣ, 8.— Τό πειραματικόν βομβαρδιστικόν «Βαλκυρία», τό ὁποῖον ἐστοίχισε 1.200 ἑκατομμύρια δολλάρια, κατέπεσε καί συνετρίβη μετά ἀπό σύγκρουσιν εἰς τόν ἀέρα μέ καταδιωκτικόν «Φ-104» κατά τήν διάρκειαν δοκιμαστικῆς πτήσεως. Ὁ πιλότος τοῦ καταδιωκτικοῦ ἐφονεύθη, ἐνῶ ἐκ τῶν δύο πιλότων τοῦ βομβαρδιστικοῦ ὁ εἷς ἐσώθη μέ ἐκτίναξιν. Τό ἀεροσκάφος ἐπετάχυνε εἰς ταχύτητα τριπλασίαν τῆς ταχύτητος τοῦ ἤχου.

ΑΕΡΟΠΟΡΙΚΗ ΒΑΣΙΣ ΕΔΟΥΑΡΔΗΣ, 8.— Τό πειραματικόν βομβαρδιστικόν «Βαλκυρία», τό ὁποῖον ἐστοίχισε 1.200 ἑκατομμύρια δολλάρια, κατέπεσε καί συνετρίβη μετά ἀπό σύγκρουσιν εἰς τόν ἀέρα μέ καταδιωκτικόν «Φ-104» κατά τήν διάρκειαν δοκιμαστικῆς πτήσεως. Ὁ πιλότος τοῦ καταδιωκτικοῦ ἐφονεύθη, ἐνῶ ἐκ τῶν δύο πιλότων τοῦ βομβαρδιστικοῦ ὁ εἷς ἐσώθη μέ ἐκτίναξιν. Τό ἀεροσκάφος ἐπετάχυνε εἰς ταχύτητα τριπλασίαν τῆς ταχύτητος τοῦ ἤχου.

ΝΕΑΝ ΕΠΙΘΕΣΙΝ ΕΝΑΝΤΙΟΝ ΤΟΥ ΒΙΣΣΙΝΣΚΙ ΕΞΑΠΕΛΥΣΕΝ Η ΚΥΒΕΡΝΗΣΙΣ ΤΗΣ ΠΟΛΩΝΙΑΣ

ΒΑΡΣΟΒΙΑ, 8.— Ἡ πολωνική κυβέρνησις ἐξαπέλυσε νέαν ἐπίθεσιν ἐναντίον τοῦ καρδιναλίου Βισσίνσκι, κατηγορήσασα αὐτόν διά πολιτικήν δρᾶσιν. Ὁ ἀρχιεπίσκοπος ἀπαντᾷ ὅτι ἡ Ἐκκλησία δέν ἀναμιγνύεται εἰς τήν πολιτικήν.

ΒΑΡΣΟΒΙΑ, 8.— Ἡ πολωνική κυβέρνησις ἐξαπέλυσε νέαν ἐπίθεσιν ἐναντίον τοῦ καρδιναλίου Βισσίνσκι, κατηγορήσασα αὐτόν διά πολιτικήν δρᾶσιν. Ὁ ἀρχιεπίσκοπος ἀπαντᾷ ὅτι ἡ Ἐκκλησία δέν ἀναμιγνύεται εἰς τήν πολιτικήν.
